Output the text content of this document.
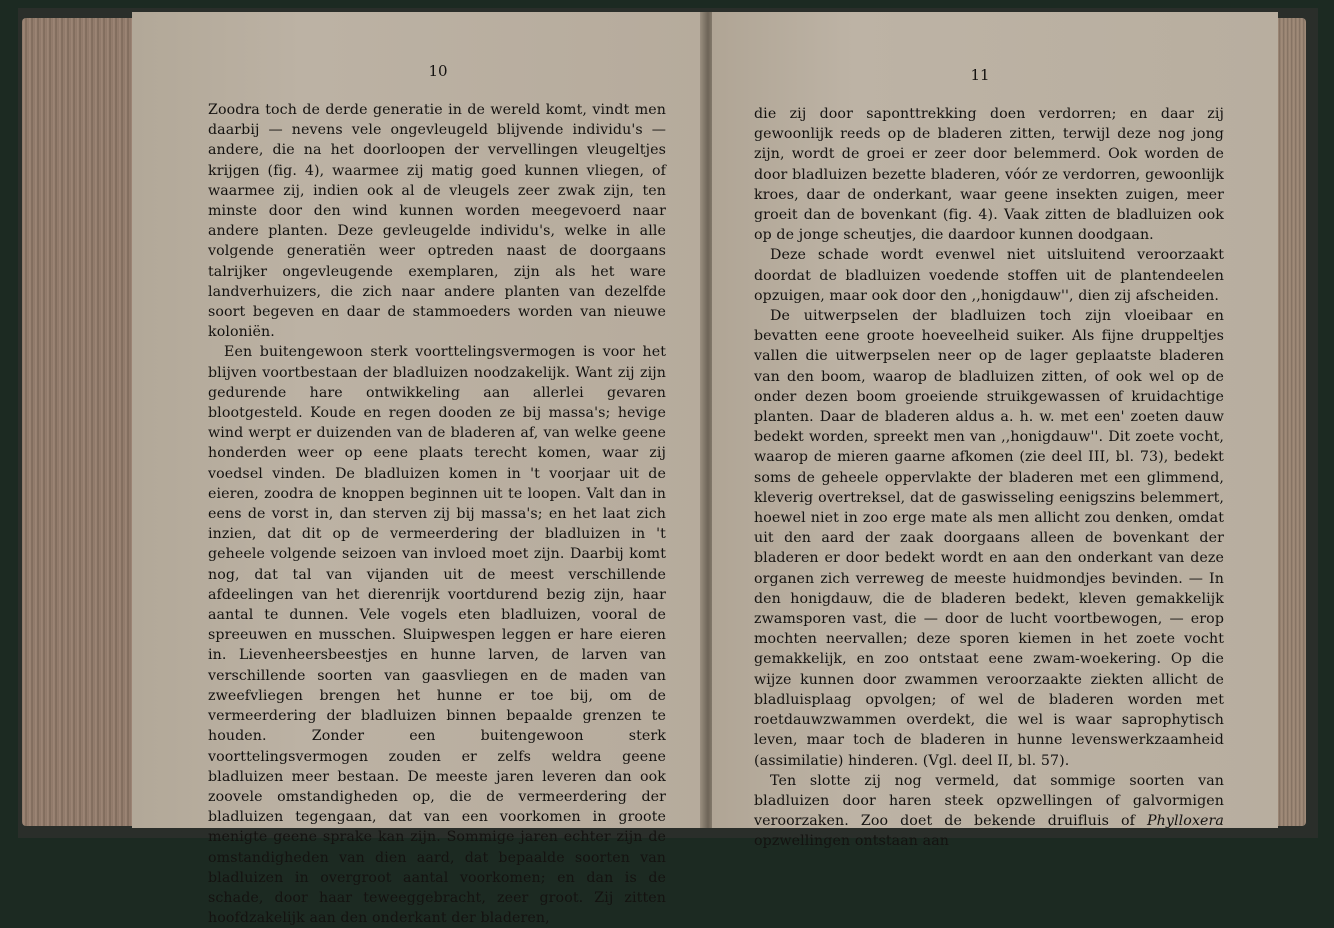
10

Zoodra toch de derde generatie in de wereld komt, vindt men daarbij — nevens vele ongevleugeld blijvende individu's — andere, die na het doorloopen der vervellingen vleugeltjes krijgen (fig. 4), waarmee zij matig goed kunnen vliegen, of waarmee zij, indien ook al de vleugels zeer zwak zijn, ten minste door den wind kunnen worden meegevoerd naar andere planten. Deze gevleugelde individu's, welke in alle volgende generatiën weer optreden naast de doorgaans talrijker ongevleugende exemplaren, zijn als het ware landverhuizers, die zich naar andere planten van dezelfde soort begeven en daar de stammoeders worden van nieuwe koloniën.

Een buitengewoon sterk voorttelingsvermogen is voor het blijven voortbestaan der bladluizen noodzakelijk. Want zij zijn gedurende hare ontwikkeling aan allerlei gevaren blootgesteld. Koude en regen dooden ze bij massa's; hevige wind werpt er duizenden van de bladeren af, van welke geene honderden weer op eene plaats terecht komen, waar zij voedsel vinden. De bladluizen komen in 't voorjaar uit de eieren, zoodra de knoppen beginnen uit te loopen. Valt dan in eens de vorst in, dan sterven zij bij massa's; en het laat zich inzien, dat dit op de vermeerdering der bladluizen in 't geheele volgende seizoen van invloed moet zijn. Daarbij komt nog, dat tal van vijanden uit de meest verschillende afdeelingen van het dierenrijk voortdurend bezig zijn, haar aantal te dunnen. Vele vogels eten bladluizen, vooral de spreeuwen en musschen. Sluipwespen leggen er hare eieren in. Lievenheersbeestjes en hunne larven, de larven van verschillende soorten van gaasvliegen en de maden van zweefvliegen brengen het hunne er toe bij, om de vermeerdering der bladluizen binnen bepaalde grenzen te houden. Zonder een buitengewoon sterk voorttelingsvermogen zouden er zelfs weldra geene bladluizen meer bestaan. De meeste jaren leveren dan ook zoovele omstandigheden op, die de vermeerdering der bladluizen tegengaan, dat van een voorkomen in groote menigte geene sprake kan zijn. Sommige jaren echter zijn de omstandigheden van dien aard, dat bepaalde soorten van bladluizen in overgroot aantal voorkomen; en dan is de schade, door haar teweeggebracht, zeer groot. Zij zitten hoofdzakelijk aan den onderkant der bladeren,

11

die zij door saponttrekking doen verdorren; en daar zij gewoonlijk reeds op de bladeren zitten, terwijl deze nog jong zijn, wordt de groei er zeer door belemmerd. Ook worden de door bladluizen bezette bladeren, vóór ze verdorren, gewoonlijk kroes, daar de onderkant, waar geene insekten zuigen, meer groeit dan de bovenkant (fig. 4). Vaak zitten de bladluizen ook op de jonge scheutjes, die daardoor kunnen doodgaan.

Deze schade wordt evenwel niet uitsluitend veroorzaakt doordat de bladluizen voedende stoffen uit de plantendeelen opzuigen, maar ook door den ,,honigdauw'', dien zij afscheiden.

De uitwerpselen der bladluizen toch zijn vloeibaar en bevatten eene groote hoeveelheid suiker. Als fijne druppeltjes vallen die uitwerpselen neer op de lager geplaatste bladeren van den boom, waarop de bladluizen zitten, of ook wel op de onder dezen boom groeiende struikgewassen of kruidachtige planten. Daar de bladeren aldus a. h. w. met een' zoeten dauw bedekt worden, spreekt men van ,,honigdauw''. Dit zoete vocht, waarop de mieren gaarne afkomen (zie deel III, bl. 73), bedekt soms de geheele oppervlakte der bladeren met een glimmend, kleverig overtreksel, dat de gaswisseling eenigszins belemmert, hoewel niet in zoo erge mate als men allicht zou denken, omdat uit den aard der zaak doorgaans alleen de bovenkant der bladeren er door bedekt wordt en aan den onderkant van deze organen zich verreweg de meeste huidmondjes bevinden. — In den honigdauw, die de bladeren bedekt, kleven gemakkelijk zwamsporen vast, die — door de lucht voortbewogen, — erop mochten neervallen; deze sporen kiemen in het zoete vocht gemakkelijk, en zoo ontstaat eene zwam-woekering. Op die wijze kunnen door zwammen veroorzaakte ziekten allicht de bladluisplaag opvolgen; of wel de bladeren worden met roetdauwzwammen overdekt, die wel is waar saprophytisch leven, maar toch de bladeren in hunne levenswerkzaamheid (assimilatie) hinderen. (Vgl. deel II, bl. 57).

Ten slotte zij nog vermeld, dat sommige soorten van bladluizen door haren steek opzwellingen of galvormigen veroorzaken. Zoo doet de bekende druifluis of Phylloxera opzwellingen ontstaan aan
